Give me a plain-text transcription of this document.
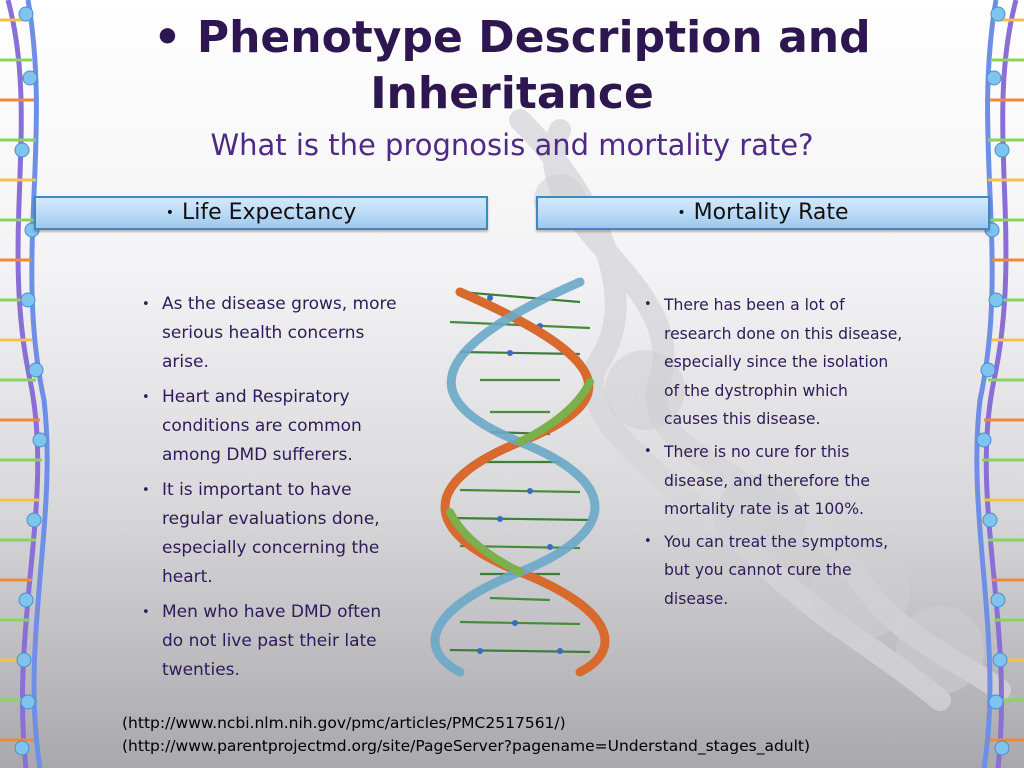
• Phenotype Description and Inheritance
What is the prognosis and mortality rate?
• Life Expectancy	• Mortality Rate
• As the disease grows, more serious health concerns arise.
• Heart and Respiratory conditions are common among DMD sufferers.
• It is important to have regular evaluations done, especially concerning the heart.
• Men who have DMD often do not live past their late twenties.
• There has been a lot of research done on this disease, especially since the isolation of the dystrophin which causes this disease.
• There is no cure for this disease, and therefore the mortality rate is at 100%.
• You can treat the symptoms, but you cannot cure the disease.
(http://www.ncbi.nlm.nih.gov/pmc/articles/PMC2517561/)
(http://www.parentprojectmd.org/site/PageServer?pagename=Understand_stages_adult)
